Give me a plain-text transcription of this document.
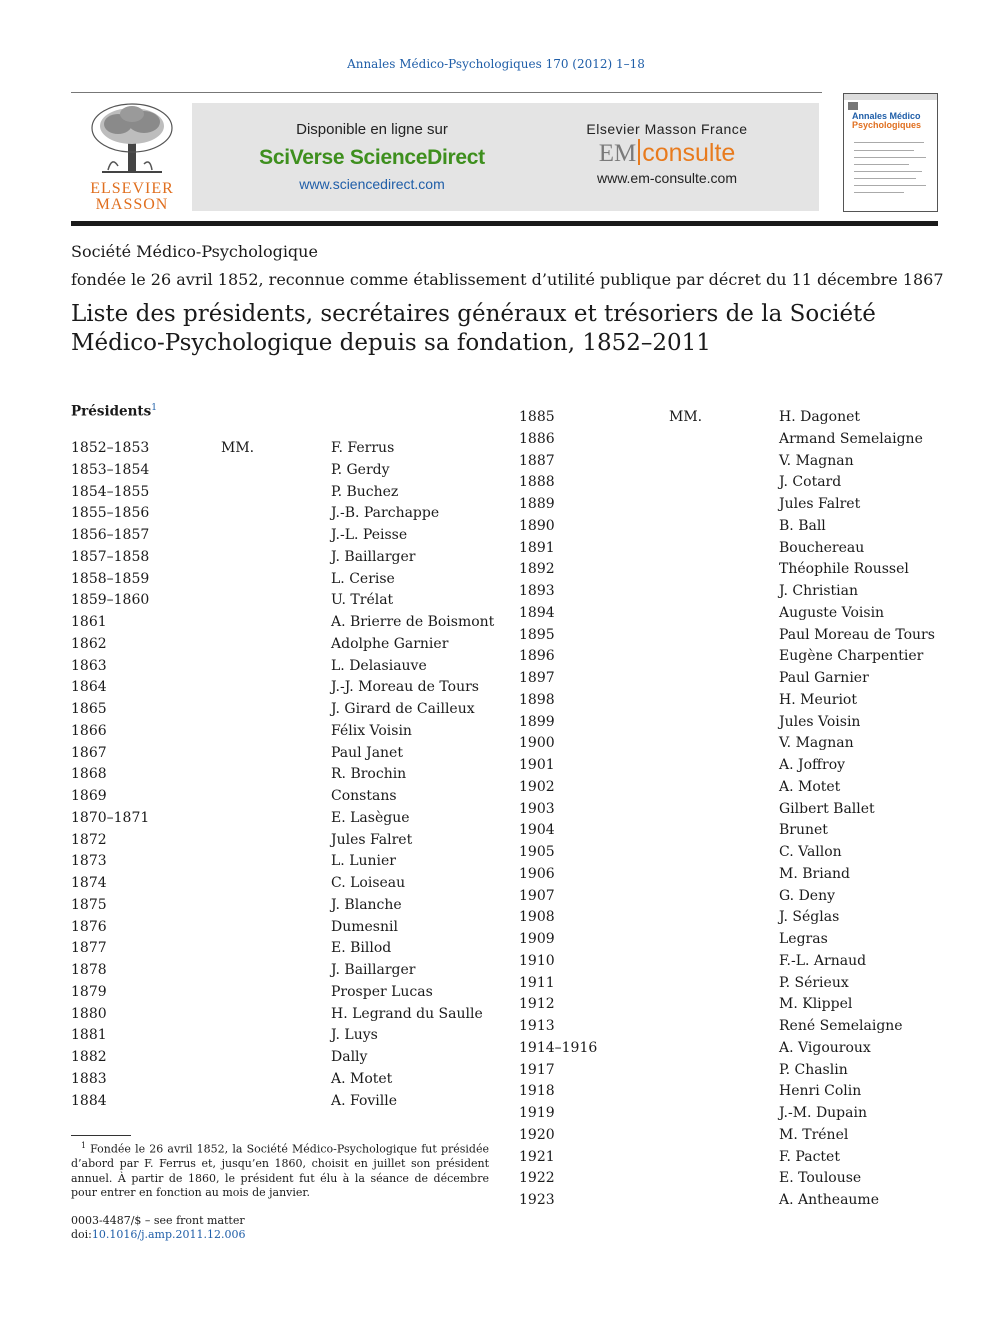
Annales Médico-Psychologiques 170 (2012) 1–18
ELSEVIER
MASSON
Disponible en ligne sur
SciVerse ScienceDirect
www.sciencedirect.com
Elsevier Masson France
EM consulte
www.em-consulte.com
Annales Médico
Psychologiques
Société Médico-Psychologique
fondée le 26 avril 1852, reconnue comme établissement d’utilité publique par décret du 11 décembre 1867
Liste des présidents, secrétaires généraux et trésoriers de la Société Médico-Psychologique depuis sa fondation, 1852–2011
Présidents$^1$
1852–1853	MM.	F. Ferrus
1853–1854	P. Gerdy
1854–1855	P. Buchez
1855–1856	J.-B. Parchappe
1856–1857	J.-L. Peisse
1857–1858	J. Baillarger
1858–1859	L. Cerise
1859–1860	U. Trélat
1861	A. Brierre de Boismont
1862	Adolphe Garnier
1863	L. Delasiauve
1864	J.-J. Moreau de Tours
1865	J. Girard de Cailleux
1866	Félix Voisin
1867	Paul Janet
1868	R. Brochin
1869	Constans
1870–1871	E. Lasègue
1872	Jules Falret
1873	L. Lunier
1874	C. Loiseau
1875	J. Blanche
1876	Dumesnil
1877	E. Billod
1878	J. Baillarger
1879	Prosper Lucas
1880	H. Legrand du Saulle
1881	J. Luys
1882	Dally
1883	A. Motet
1884	A. Foville
1885	MM.	H. Dagonet
1886	Armand Semelaigne
1887	V. Magnan
1888	J. Cotard
1889	Jules Falret
1890	B. Ball
1891	Bouchereau
1892	Théophile Roussel
1893	J. Christian
1894	Auguste Voisin
1895	Paul Moreau de Tours
1896	Eugène Charpentier
1897	Paul Garnier
1898	H. Meuriot
1899	Jules Voisin
1900	V. Magnan
1901	A. Joffroy
1902	A. Motet
1903	Gilbert Ballet
1904	Brunet
1905	C. Vallon
1906	M. Briand
1907	G. Deny
1908	J. Séglas
1909	Legras
1910	F.-L. Arnaud
1911	P. Sérieux
1912	M. Klippel
1913	René Semelaigne
1914–1916	A. Vigouroux
1917	P. Chaslin
1918	Henri Colin
1919	J.-M. Dupain
1920	M. Trénel
1921	F. Pactet
1922	E. Toulouse
1923	A. Antheaume
$^1$ Fondée le 26 avril 1852, la Société Médico-Psychologique fut présidée d’abord par F. Ferrus et, jusqu’en 1860, choisit en juillet son président annuel. À partir de 1860, le président fut élu à la séance de décembre pour entrer en fonction au mois de janvier.
0003-4487/$ – see front matter
doi:10.1016/j.amp.2011.12.006
